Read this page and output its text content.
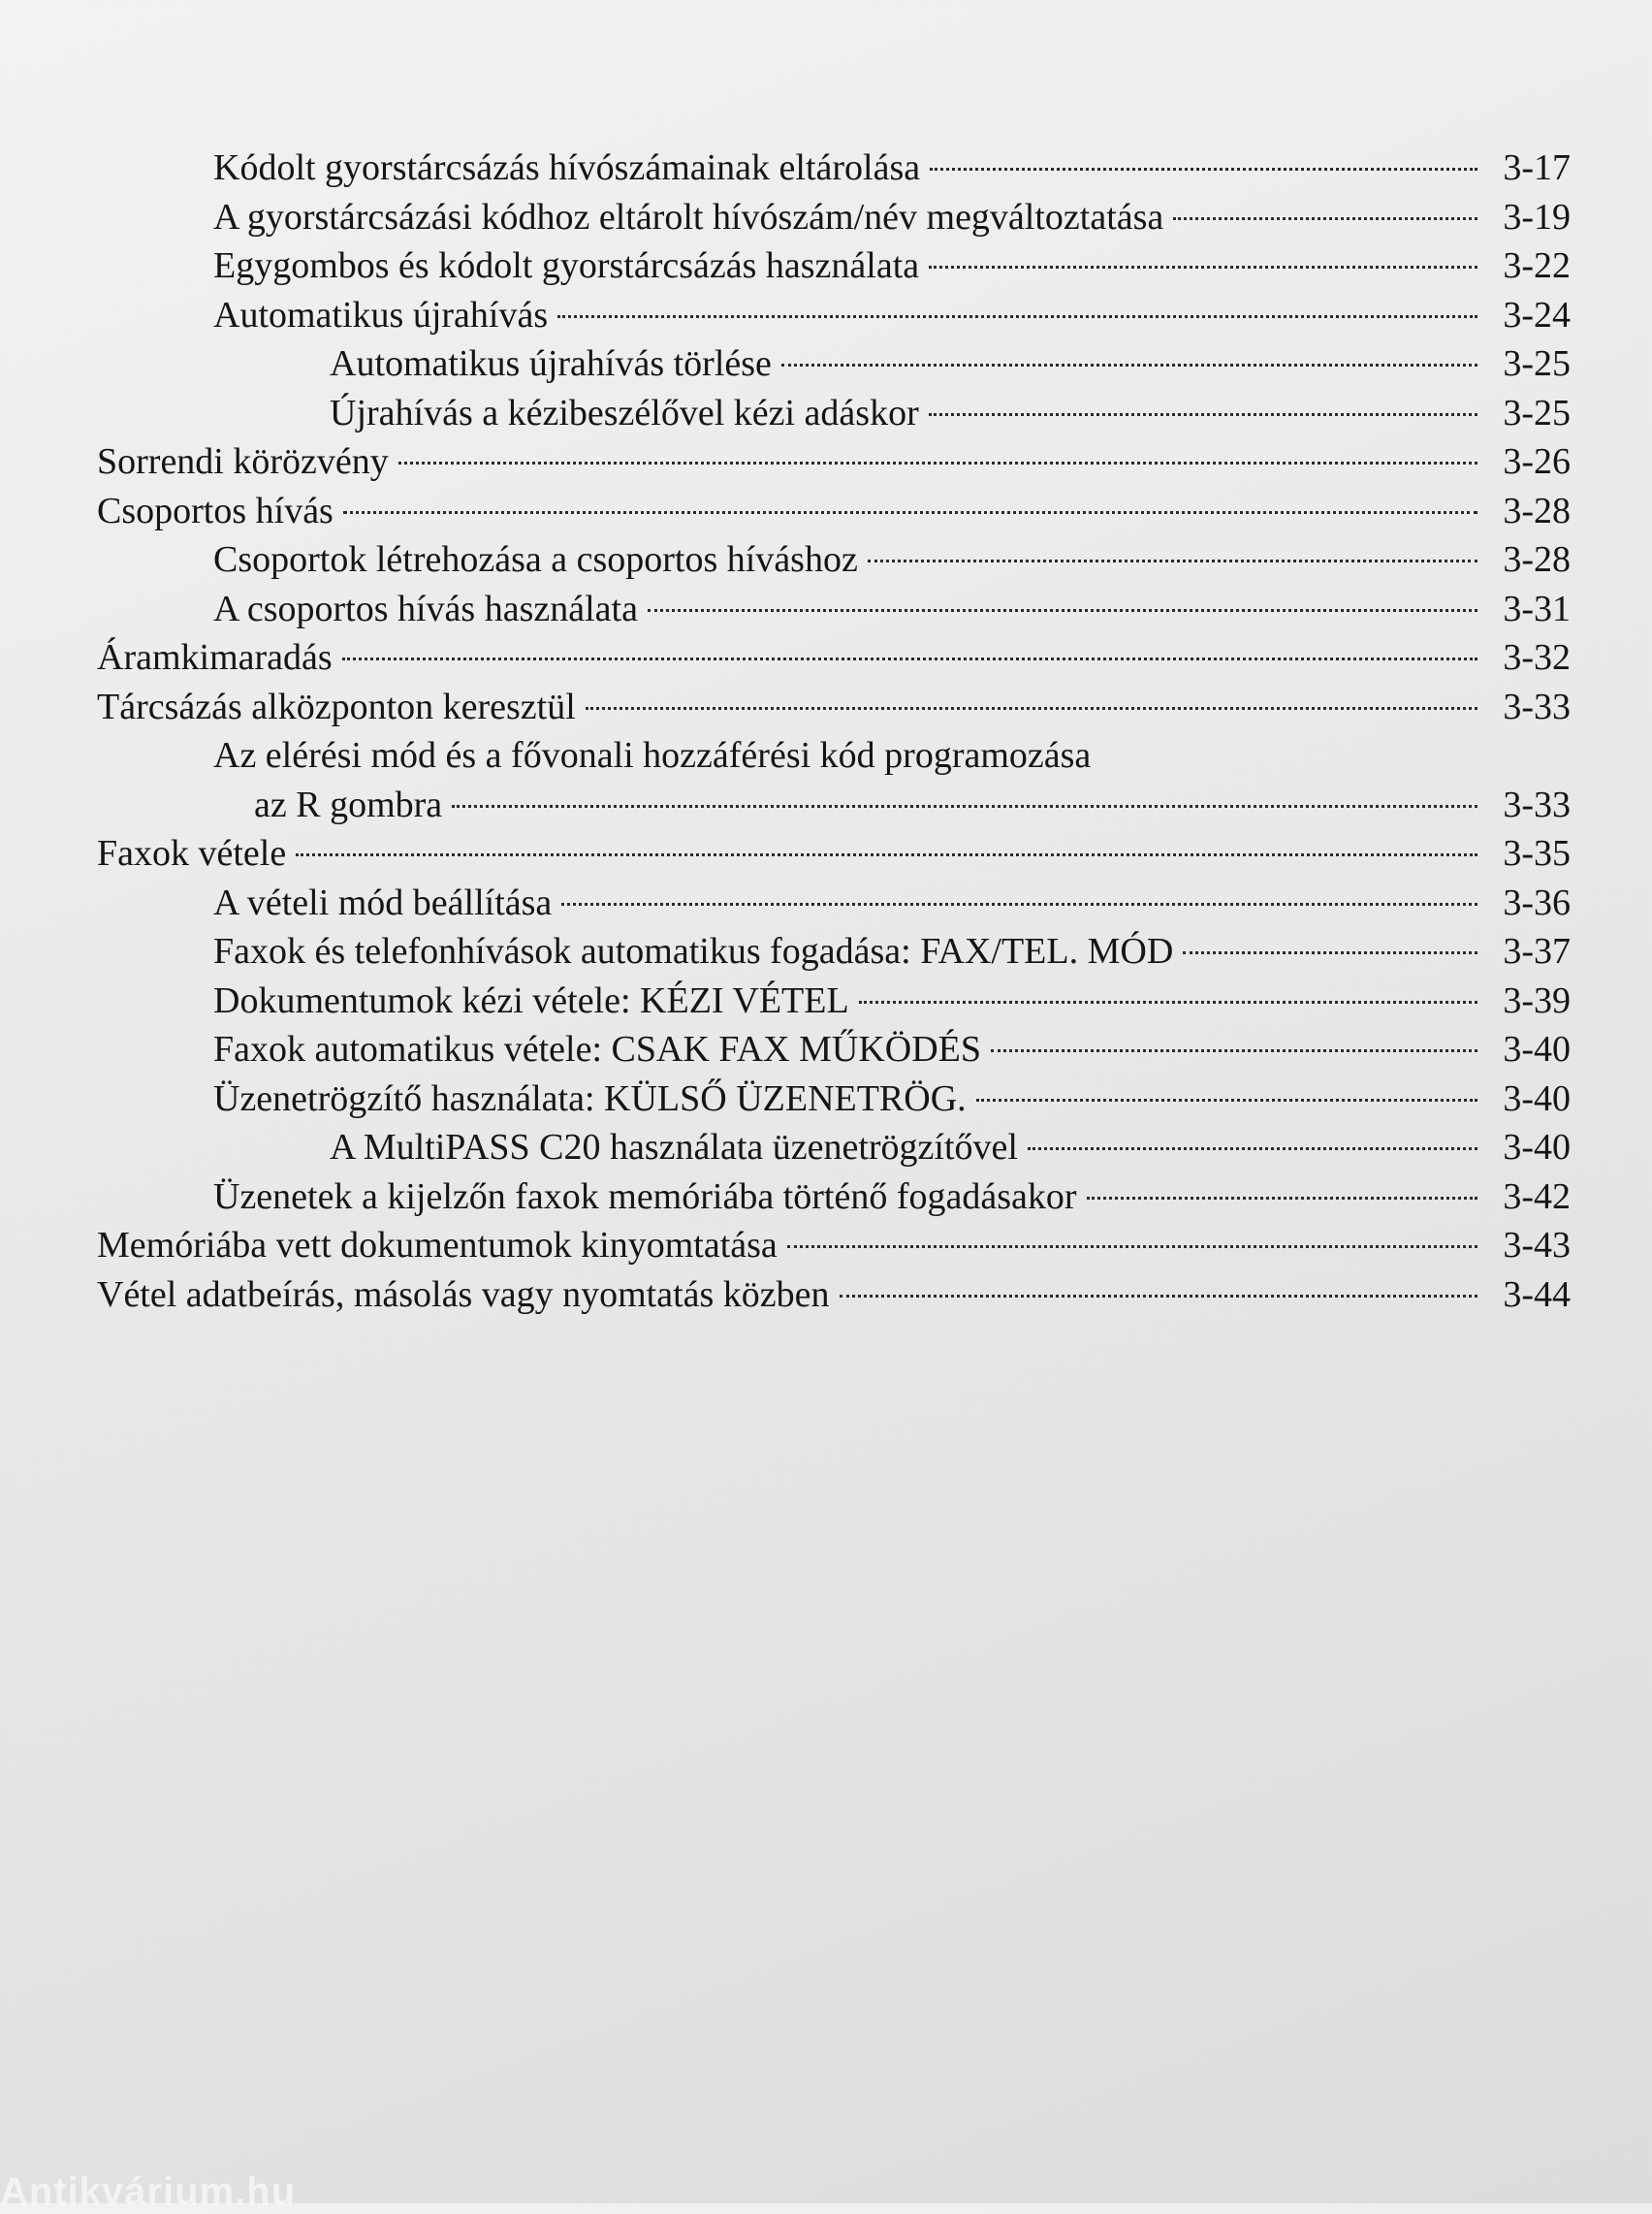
Kódolt gyorstárcsázás hívószámainak eltárolása	3-17
A gyorstárcsázási kódhoz eltárolt hívószám/név megváltoztatása	3-19
Egygombos és kódolt gyorstárcsázás használata	3-22
Automatikus újrahívás	3-24
Automatikus újrahívás törlése	3-25
Újrahívás a kézibeszélővel kézi adáskor	3-25
Sorrendi körözvény	3-26
Csoportos hívás	3-28
Csoportok létrehozása a csoportos híváshoz	3-28
A csoportos hívás használata	3-31
Áramkimaradás	3-32
Tárcsázás alközponton keresztül	3-33
Az elérési mód és a fővonali hozzáférési kód programozása
az R gombra	3-33
Faxok vétele	3-35
A vételi mód beállítása	3-36
Faxok és telefonhívások automatikus fogadása: FAX/TEL. MÓD	3-37
Dokumentumok kézi vétele: KÉZI VÉTEL	3-39
Faxok automatikus vétele: CSAK FAX MŰKÖDÉS	3-40
Üzenetrögzítő használata: KÜLSŐ ÜZENETRÖG.	3-40
A MultiPASS C20 használata üzenetrögzítővel	3-40
Üzenetek a kijelzőn faxok memóriába történő fogadásakor	3-42
Memóriába vett dokumentumok kinyomtatása	3-43
Vétel adatbeírás, másolás vagy nyomtatás közben	3-44
Antikvárium.hu
